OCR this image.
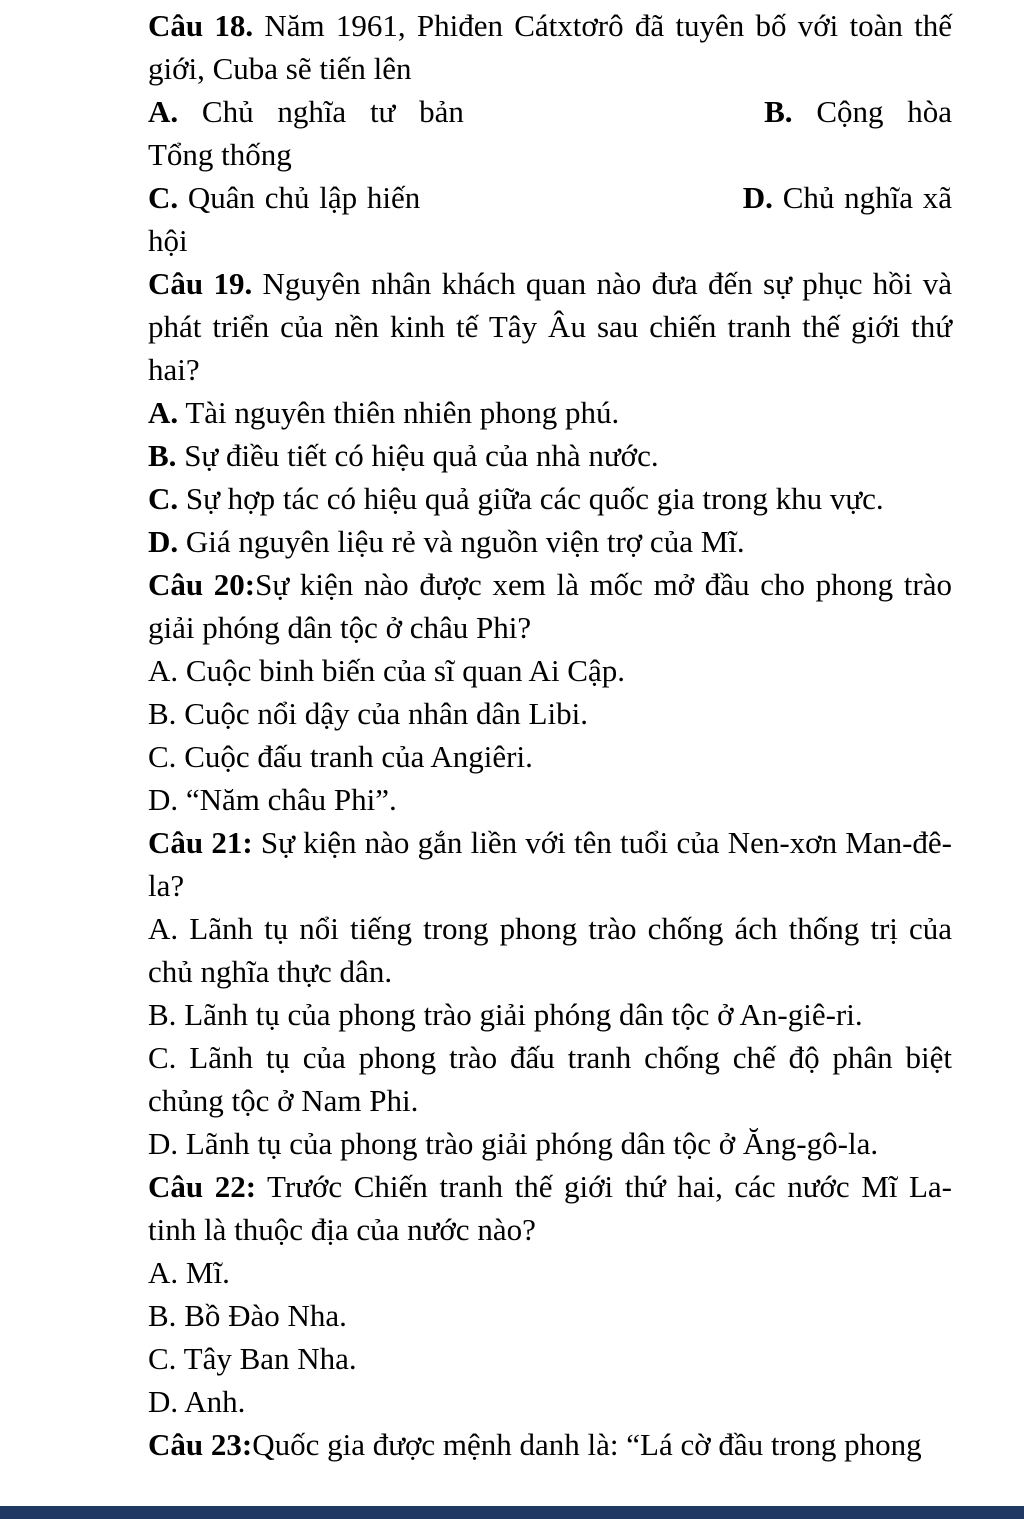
Câu 18. Năm 1961, Phiđen Cátxtơrô đã tuyên bố với toàn thế giới, Cuba sẽ tiến lên

A. Chủ nghĩa tư bản	B. Cộng hòa

Tổng thống

C. Quân chủ lập hiến	D. Chủ nghĩa xã

hội

Câu 19. Nguyên nhân khách quan nào đưa đến sự phục hồi và phát triển của nền kinh tế Tây Âu sau chiến tranh thế giới thứ hai?

A. Tài nguyên thiên nhiên phong phú.

B. Sự điều tiết có hiệu quả của nhà nước.

C. Sự hợp tác có hiệu quả giữa các quốc gia trong khu vực.

D. Giá nguyên liệu rẻ và nguồn viện trợ của Mĩ.

Câu 20:Sự kiện nào được xem là mốc mở đầu cho phong trào giải phóng dân tộc ở châu Phi?

A. Cuộc binh biến của sĩ quan Ai Cập.

B. Cuộc nổi dậy của nhân dân Libi.

C. Cuộc đấu tranh của Angiêri.

D. “Năm châu Phi”.

Câu 21: Sự kiện nào gắn liền với tên tuổi của Nen-xơn Man-đê-la?

A. Lãnh tụ nổi tiếng trong phong trào chống ách thống trị của chủ nghĩa thực dân.

B. Lãnh tụ của phong trào giải phóng dân tộc ở An-giê-ri.

C. Lãnh tụ của phong trào đấu tranh chống chế độ phân biệt chủng tộc ở Nam Phi.

D. Lãnh tụ của phong trào giải phóng dân tộc ở Ăng-gô-la.

Câu 22: Trước Chiến tranh thế giới thứ hai, các nước Mĩ La-tinh là thuộc địa của nước nào?

A. Mĩ.

B. Bồ Đào Nha.

C. Tây Ban Nha.

D. Anh.

Câu 23:Quốc gia được mệnh danh là: “Lá cờ đầu trong phong
